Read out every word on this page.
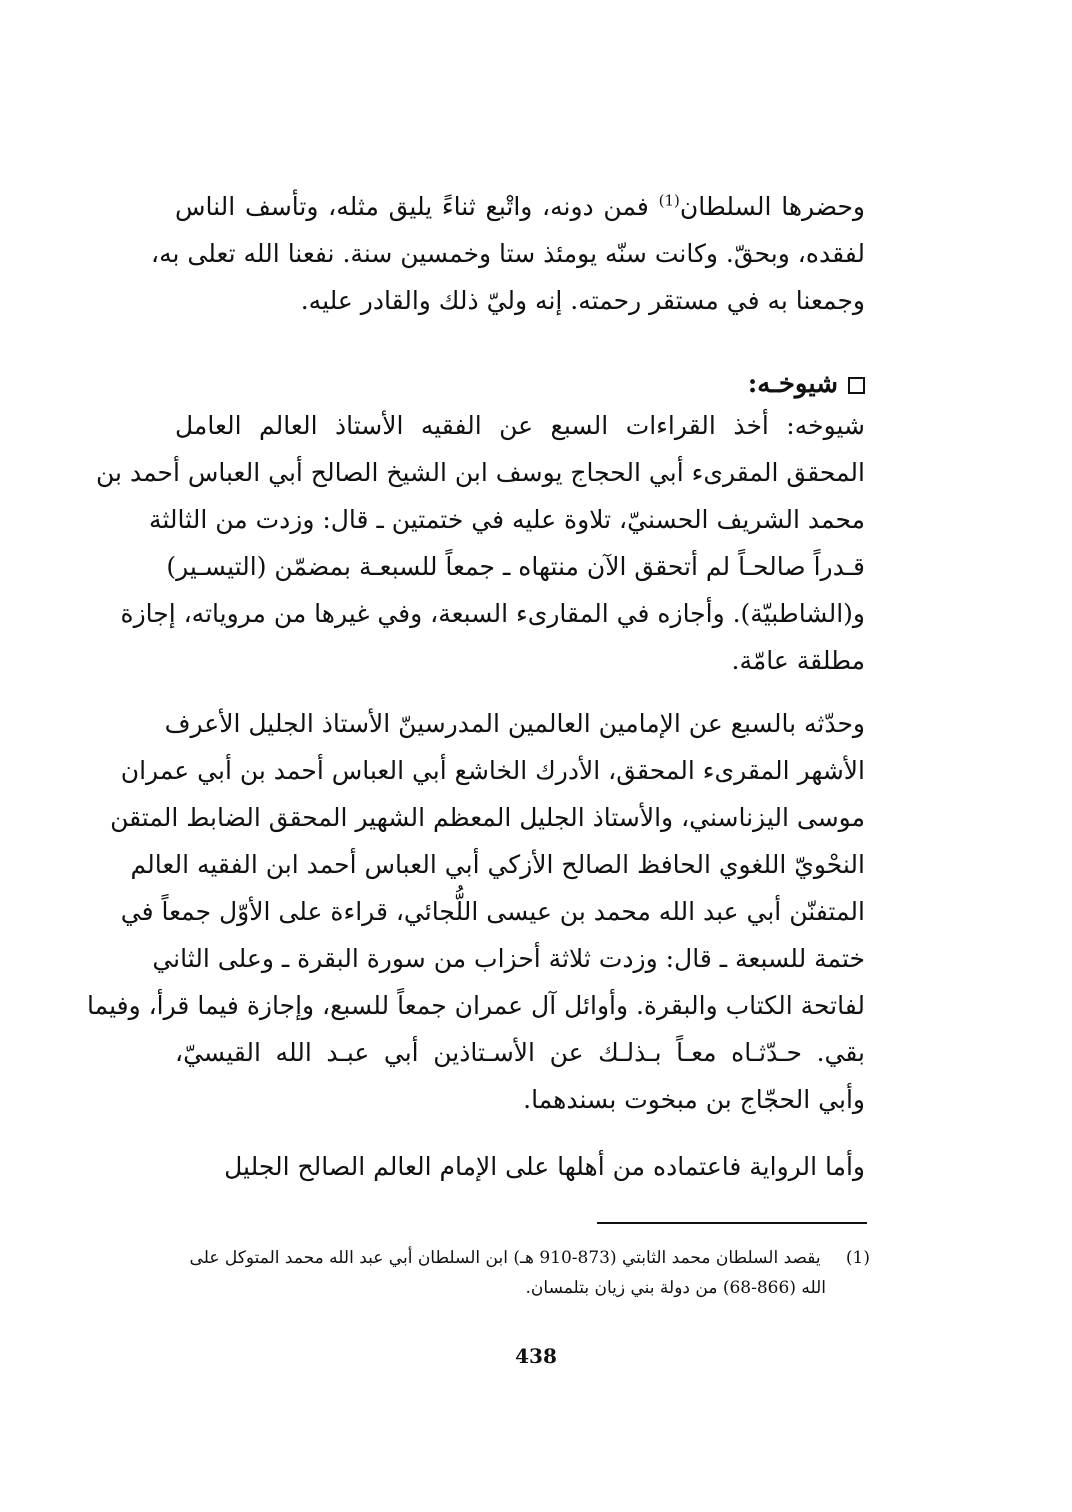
وحضرها السلطان$^{(1)}$ فمن دونه، واتْبع ثناءً يليق مثله، وتأسف الناس
لفقده، وبحقّ. وكانت سنّه يومئذ ستا وخمسين سنة. نفعنا الله تعلى به،
وجمعنا به في مستقر رحمته. إنه وليّ ذلك والقادر عليه.
شيوخـه:
شيوخه: أخذ القراءات السبع عن الفقيه الأستاذ العالم العامل
المحقق المقرىء أبي الحجاج يوسف ابن الشيخ الصالح أبي العباس أحمد بن
محمد الشريف الحسنيّ، تلاوة عليه في ختمتين ـ قال: وزدت من الثالثة
قـدراً صالحـاً لم أتحقق الآن منتهاه ـ جمعاً للسبعـة بمضمّن (التيسـير)
و(الشاطبيّة). وأجازه في المقارىء السبعة، وفي غيرها من مروياته، إجازة
مطلقة عامّة.
وحدّثه بالسبع عن الإمامين العالمين المدرسينّ الأستاذ الجليل الأعرف
الأشهر المقرىء المحقق، الأدرك الخاشع أبي العباس أحمد بن أبي عمران
موسى اليزناسني، والأستاذ الجليل المعظم الشهير المحقق الضابط المتقن
النحْويّ اللغوي الحافظ الصالح الأزكي أبي العباس أحمد ابن الفقيه العالم
المتفنّن أبي عبد الله محمد بن عيسى اللُّجائي، قراءة على الأوّل جمعاً في
ختمة للسبعة ـ قال: وزدت ثلاثة أحزاب من سورة البقرة ـ وعلى الثاني
لفاتحة الكتاب والبقرة. وأوائل آل عمران جمعاً للسبع، وإجازة فيما قرأ، وفيما
بقي. حـدّثـاه معـاً بـذلـك عن الأسـتاذين أبي عبـد الله القيسيّ،
وأبي الحجّاج بن مبخوت بسندهما.
وأما الرواية فاعتماده من أهلها على الإمام العالم الصالح الجليل
(1) يقصد السلطان محمد الثابتي (873-910 هـ) ابن السلطان أبي عبد الله محمد المتوكل على
الله (866-68) من دولة بني زيان بتلمسان.
438
